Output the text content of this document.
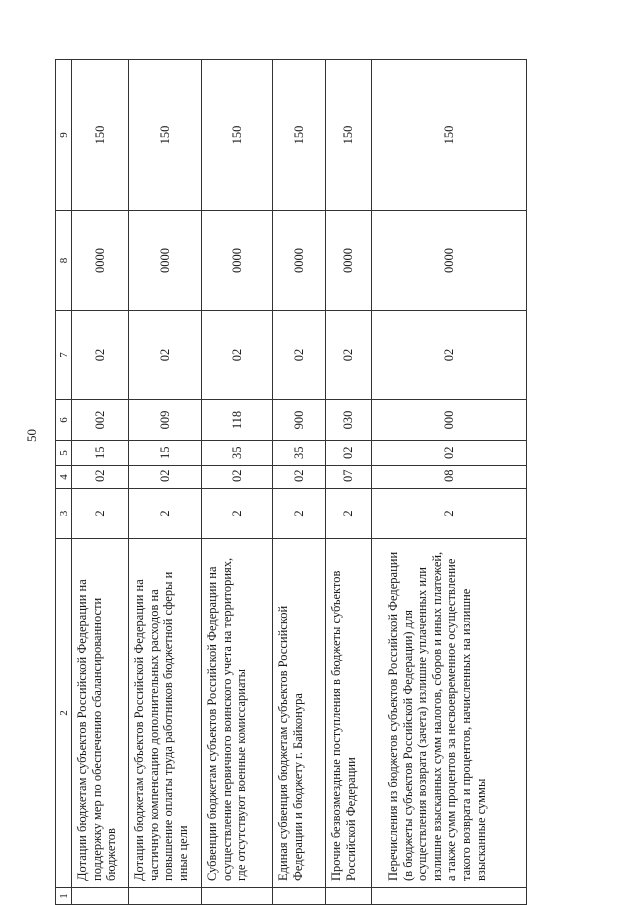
50
1	2	3	4	5	6	7	8	9
	Дотации бюджетам субъектов Российской Федерации на поддержку мер по обеспечению сбалансированности бюджетов	2	02	15	002	02	0000	150
	Дотации бюджетам субъектов Российской Федерации на частичную компенсацию дополнительных расходов на повышение оплаты труда работников бюджетной сферы и иные цели	2	02	15	009	02	0000	150
	Субвенции бюджетам субъектов Российской Федерации на осуществление первичного воинского учета на территориях, где отсутствуют военные комиссариаты	2	02	35	118	02	0000	150
	Единая субвенция бюджетам субъектов Российской Федерации и бюджету г. Байконура	2	02	35	900	02	0000	150
	Прочие безвозмездные поступления в бюджеты субъектов Российской Федерации	2	07	02	030	02	0000	150
	Перечисления из бюджетов субъектов Российской Федерации (в бюджеты субъектов Российской Федерации) для осуществления возврата (зачета) излишне уплаченных или излишне взысканных сумм налогов, сборов и иных платежей, а также сумм процентов за несвоевременное осуществление такого возврата и процентов, начисленных на излишне взысканные суммы	2	08	02	000	02	0000	150
